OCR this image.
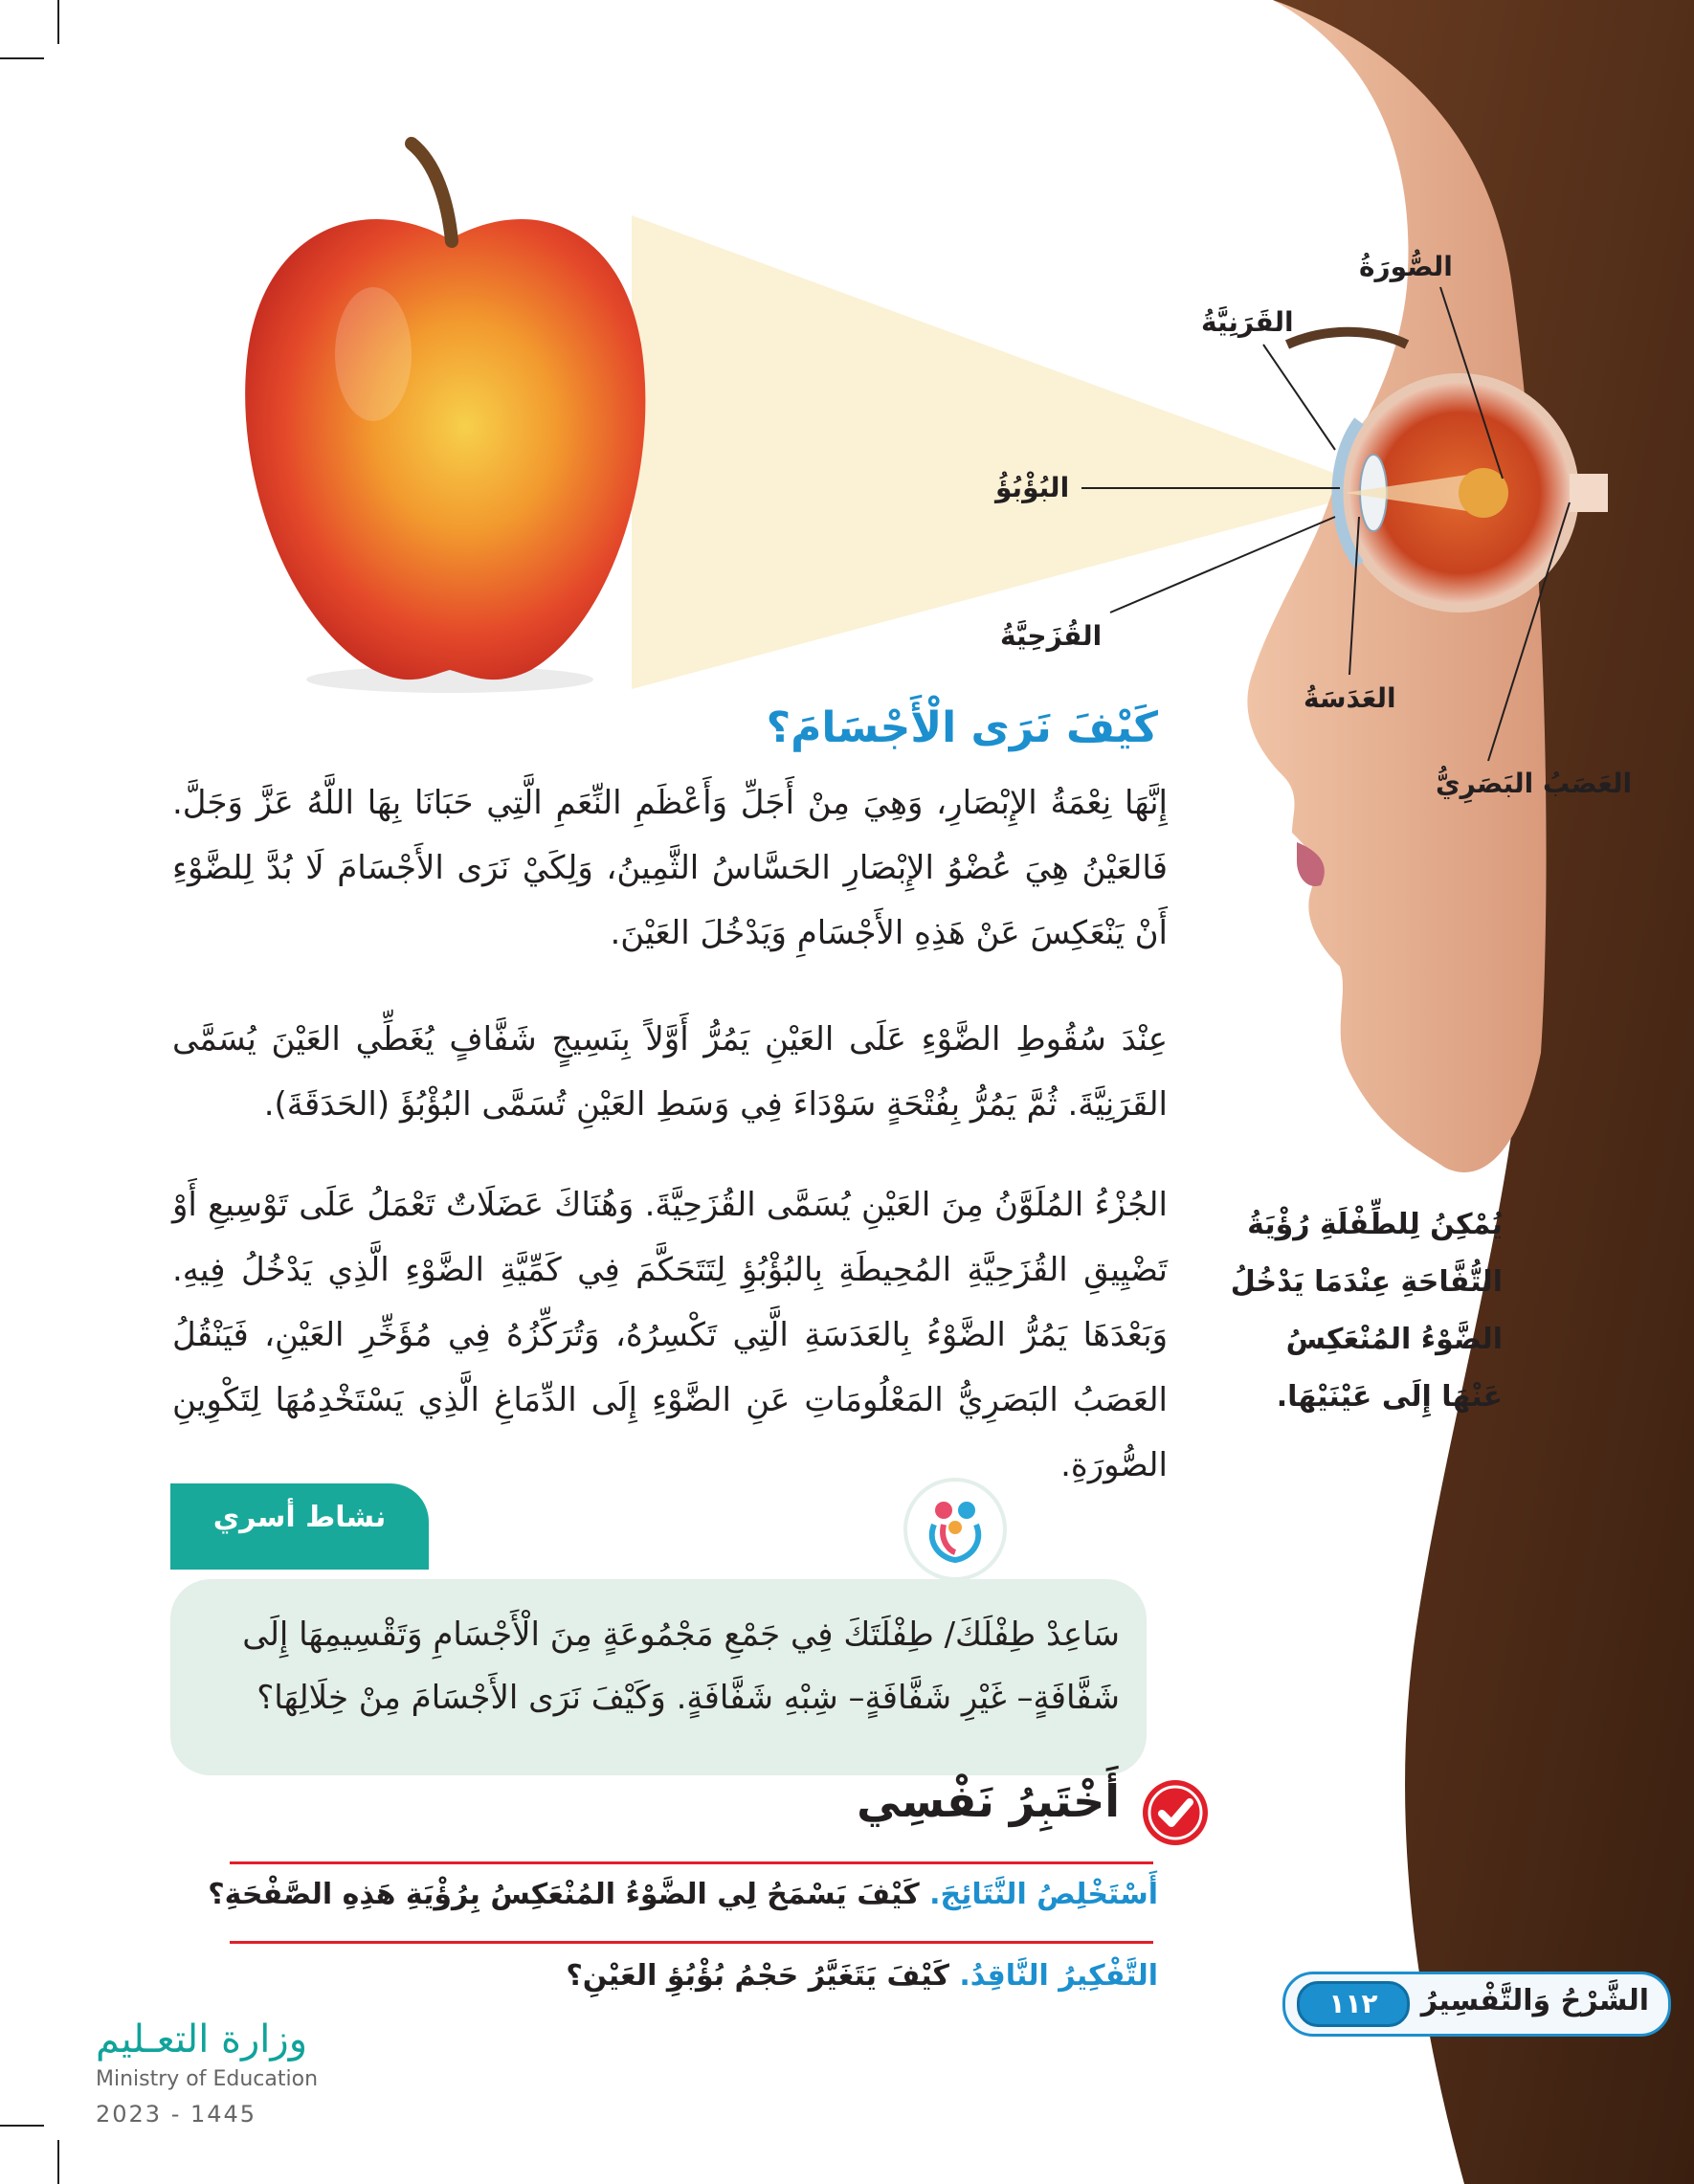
الصُّورَةُ
القَرَنِيَّةُ
البُؤْبُؤُ
القُزَحِيَّةُ
العَدَسَةُ
العَصَبُ البَصَرِيُّ
كَيْفَ نَرَى الْأَجْسَامَ؟

إِنَّهَا نِعْمَةُ الإِبْصَارِ، وَهِيَ مِنْ أَجَلِّ وَأَعْظَمِ النِّعَمِ الَّتِي حَبَانَا بِهَا اللَّهُ عَزَّ وَجَلَّ. فَالعَيْنُ هِيَ عُضْوُ الإِبْصَارِ الحَسَّاسُ الثَّمِينُ، وَلِكَيْ نَرَى الأَجْسَامَ لَا بُدَّ لِلضَّوْءِ أَنْ يَنْعَكِسَ عَنْ هَذِهِ الأَجْسَامِ وَيَدْخُلَ العَيْنَ.

عِنْدَ سُقُوطِ الضَّوْءِ عَلَى العَيْنِ يَمُرُّ أَوَّلاً بِنَسِيجٍ شَفَّافٍ يُغَطِّي العَيْنَ يُسَمَّى القَرَنِيَّةَ. ثُمَّ يَمُرُّ بِفُتْحَةٍ سَوْدَاءَ فِي وَسَطِ العَيْنِ تُسَمَّى البُؤْبُؤَ (الحَدَقَةَ).

الجُزْءُ المُلَوَّنُ مِنَ العَيْنِ يُسَمَّى القُزَحِيَّةَ. وَهُنَاكَ عَضَلَاتٌ تَعْمَلُ عَلَى تَوْسِيعِ أَوْ تَضْيِيقِ القُزَحِيَّةِ المُحِيطَةِ بِالبُؤْبُؤِ لِتَتَحَكَّمَ فِي كَمِّيَّةِ الضَّوْءِ الَّذِي يَدْخُلُ فِيهِ. وَبَعْدَهَا يَمُرُّ الضَّوْءُ بِالعَدَسَةِ الَّتِي تَكْسِرُهُ، وَتُرَكِّزُهُ فِي مُؤَخِّرِ العَيْنِ، فَيَنْقُلُ العَصَبُ البَصَرِيُّ المَعْلُومَاتِ عَنِ الضَّوْءِ إِلَى الدِّمَاغِ الَّذِي يَسْتَخْدِمُهَا لِتَكْوِينِ الصُّورَةِ.

يُمْكِنُ لِلطِّفْلَةِ رُؤْيَةُ التُّفَّاحَةِ عِنْدَمَا يَدْخُلُ الضَّوْءُ المُنْعَكِسُ عَنْهَا إِلَى عَيْنَيْهَا.
نشاط أسري
سَاعِدْ طِفْلَكَ/ طِفْلَتَكَ فِي جَمْعِ مَجْمُوعَةٍ مِنَ الْأَجْسَامِ وَتَقْسِيمِهَا إِلَى شَفَّافَةٍ– غَيْرِ شَفَّافَةٍ– شِبْهِ شَفَّافَةٍ. وَكَيْفَ نَرَى الأَجْسَامَ مِنْ خِلَالِهَا؟
أَخْتَبِرُ نَفْسِي
أَسْتَخْلِصُ النَّتَائِجَ. كَيْفَ يَسْمَحُ لِي الضَّوْءُ المُنْعَكِسُ بِرُؤْيَةِ هَذِهِ الصَّفْحَةِ؟
التَّفْكِيرُ النَّاقِدُ. كَيْفَ يَتَغَيَّرُ حَجْمُ بُؤْبُؤِ العَيْنِ؟
وزارة التعـليم
Ministry of Education
2023 - 1445
١١٢	الشَّرْحُ وَالتَّفْسِيرُ
